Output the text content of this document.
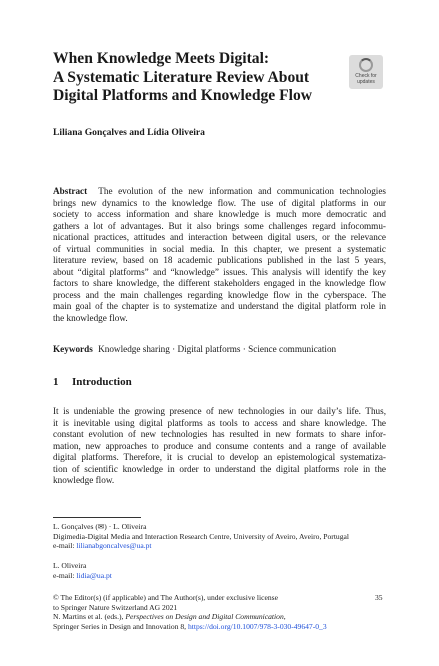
When Knowledge Meets Digital:
A Systematic Literature Review About
Digital Platforms and Knowledge Flow
Check for
updates
Liliana Gonçalves and Lídia Oliveira
Abstract The evolution of the new information and communication technologies
brings new dynamics to the knowledge flow. The use of digital platforms in our
society to access information and share knowledge is much more democratic and
gathers a lot of advantages. But it also brings some challenges regard infocommu-
nicational practices, attitudes and interaction between digital users, or the relevance
of virtual communities in social media. In this chapter, we present a systematic
literature review, based on 18 academic publications published in the last 5 years,
about “digital platforms” and “knowledge” issues. This analysis will identify the key
factors to share knowledge, the different stakeholders engaged in the knowledge flow
process and the main challenges regarding knowledge flow in the cyberspace. The
main goal of the chapter is to systematize and understand the digital platform role in
the knowledge flow.
Keywords Knowledge sharing · Digital platforms · Science communication
1 Introduction
It is undeniable the growing presence of new technologies in our daily’s life. Thus,
it is inevitable using digital platforms as tools to access and share knowledge. The
constant evolution of new technologies has resulted in new formats to share infor-
mation, new approaches to produce and consume contents and a range of available
digital platforms. Therefore, it is crucial to develop an epistemological systematiza-
tion of scientific knowledge in order to understand the digital platforms role in the
knowledge flow.
L. Gonçalves (✉) · L. Oliveira
Digimedia-Digital Media and Interaction Research Centre, University of Aveiro, Aveiro, Portugal
e-mail: lilianabgoncalves@ua.pt
L. Oliveira
e-mail: lidia@ua.pt
© The Editor(s) (if applicable) and The Author(s), under exclusive license
to Springer Nature Switzerland AG 2021
N. Martins et al. (eds.), Perspectives on Design and Digital Communication,
Springer Series in Design and Innovation 8, https://doi.org/10.1007/978-3-030-49647-0_3
35
